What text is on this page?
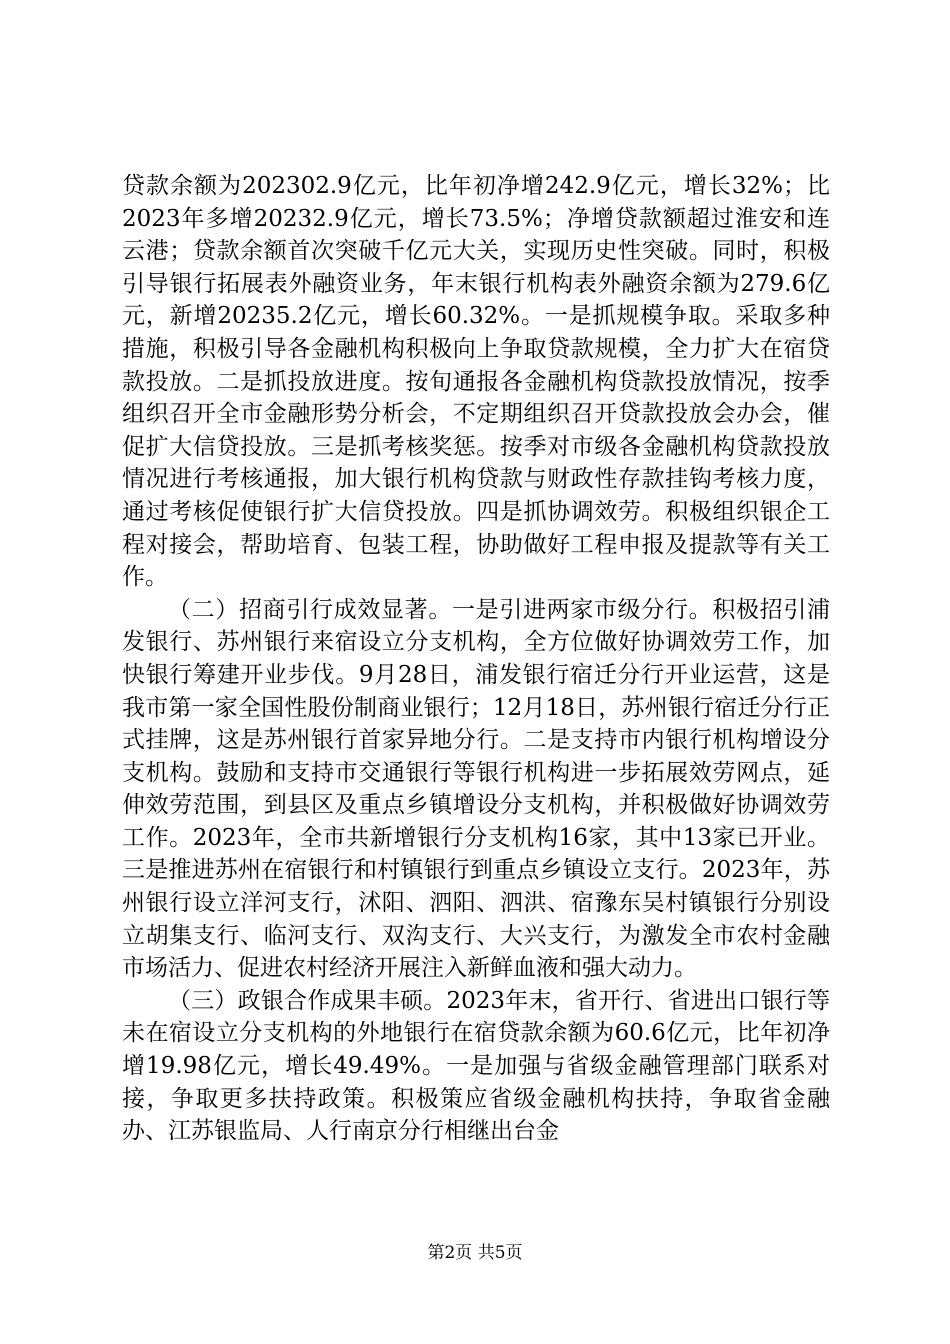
贷款余额为202302.9亿元，比年初净增242.9亿元，增长32%；比2023年多增20232.9亿元，增长73.5%；净增贷款额超过淮安和连云港；贷款余额首次突破千亿元大关，实现历史性突破。同时，积极引导银行拓展表外融资业务，年末银行机构表外融资余额为279.6亿元，新增20235.2亿元，增长60.32%。一是抓规模争取。采取多种措施，积极引导各金融机构积极向上争取贷款规模，全力扩大在宿贷款投放。二是抓投放进度。按旬通报各金融机构贷款投放情况，按季组织召开全市金融形势分析会，不定期组织召开贷款投放会办会，催促扩大信贷投放。三是抓考核奖惩。按季对市级各金融机构贷款投放情况进行考核通报，加大银行机构贷款与财政性存款挂钩考核力度，通过考核促使银行扩大信贷投放。四是抓协调效劳。积极组织银企工程对接会，帮助培育、包装工程，协助做好工程申报及提款等有关工作。

（二）招商引行成效显著。一是引进两家市级分行。积极招引浦发银行、苏州银行来宿设立分支机构，全方位做好协调效劳工作，加快银行筹建开业步伐。9月28日，浦发银行宿迁分行开业运营，这是我市第一家全国性股份制商业银行；12月18日，苏州银行宿迁分行正式挂牌，这是苏州银行首家异地分行。二是支持市内银行机构增设分支机构。鼓励和支持市交通银行等银行机构进一步拓展效劳网点，延伸效劳范围，到县区及重点乡镇增设分支机构，并积极做好协调效劳工作。2023年，全市共新增银行分支机构16家，其中13家已开业。三是推进苏州在宿银行和村镇银行到重点乡镇设立支行。2023年，苏州银行设立洋河支行，沭阳、泗阳、泗洪、宿豫东吴村镇银行分别设立胡集支行、临河支行、双沟支行、大兴支行，为激发全市农村金融市场活力、促进农村经济开展注入新鲜血液和强大动力。

（三）政银合作成果丰硕。2023年末，省开行、省进出口银行等未在宿设立分支机构的外地银行在宿贷款余额为60.6亿元，比年初净增19.98亿元，增长49.49%。一是加强与省级金融管理部门联系对接，争取更多扶持政策。积极策应省级金融机构扶持，争取省金融办、江苏银监局、人行南京分行相继出台金

第2页 共5页
